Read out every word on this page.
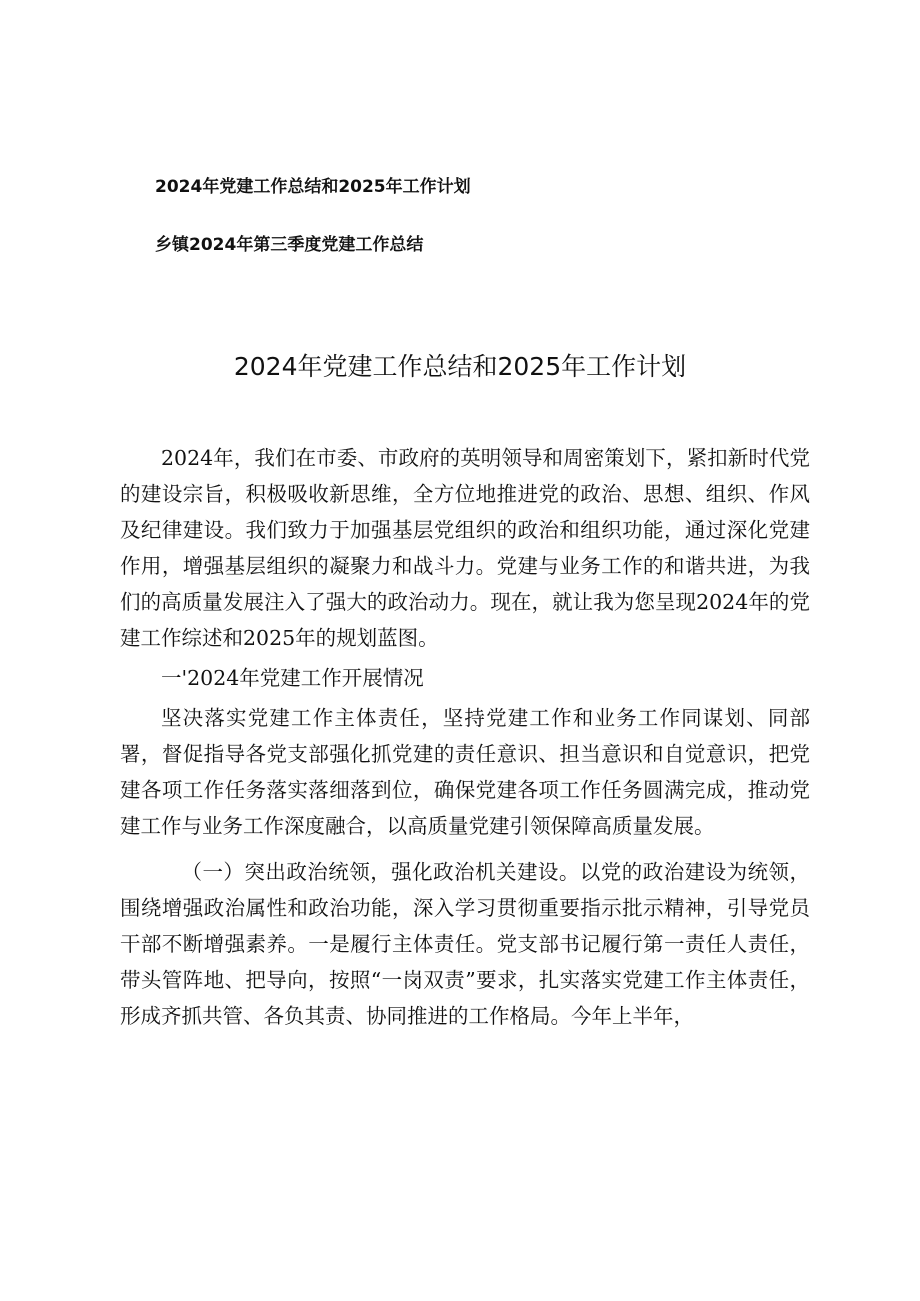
2024年党建工作总结和2025年工作计划
乡镇2024年第三季度党建工作总结
2024年党建工作总结和2025年工作计划

2024年，我们在市委、市政府的英明领导和周密策划下，紧扣新时代党的建设宗旨，积极吸收新思维，全方位地推进党的政治、思想、组织、作风及纪律建设。我们致力于加强基层党组织的政治和组织功能，通过深化党建作用，增强基层组织的凝聚力和战斗力。党建与业务工作的和谐共进，为我们的高质量发展注入了强大的政治动力。现在，就让我为您呈现2024年的党建工作综述和2025年的规划蓝图。

一'2024年党建工作开展情况

坚决落实党建工作主体责任，坚持党建工作和业务工作同谋划、同部署，督促指导各党支部强化抓党建的责任意识、担当意识和自觉意识，把党建各项工作任务落实落细落到位，确保党建各项工作任务圆满完成，推动党建工作与业务工作深度融合，以高质量党建引领保障高质量发展。

（一）突出政治统领，强化政治机关建设。以党的政治建设为统领，围绕增强政治属性和政治功能，深入学习贯彻重要指示批示精神，引导党员干部不断增强素养。一是履行主体责任。党支部书记履行第一责任人责任，带头管阵地、把导向，按照“一岗双责”要求，扎实落实党建工作主体责任，形成齐抓共管、各负其责、协同推进的工作格局。今年上半年，
